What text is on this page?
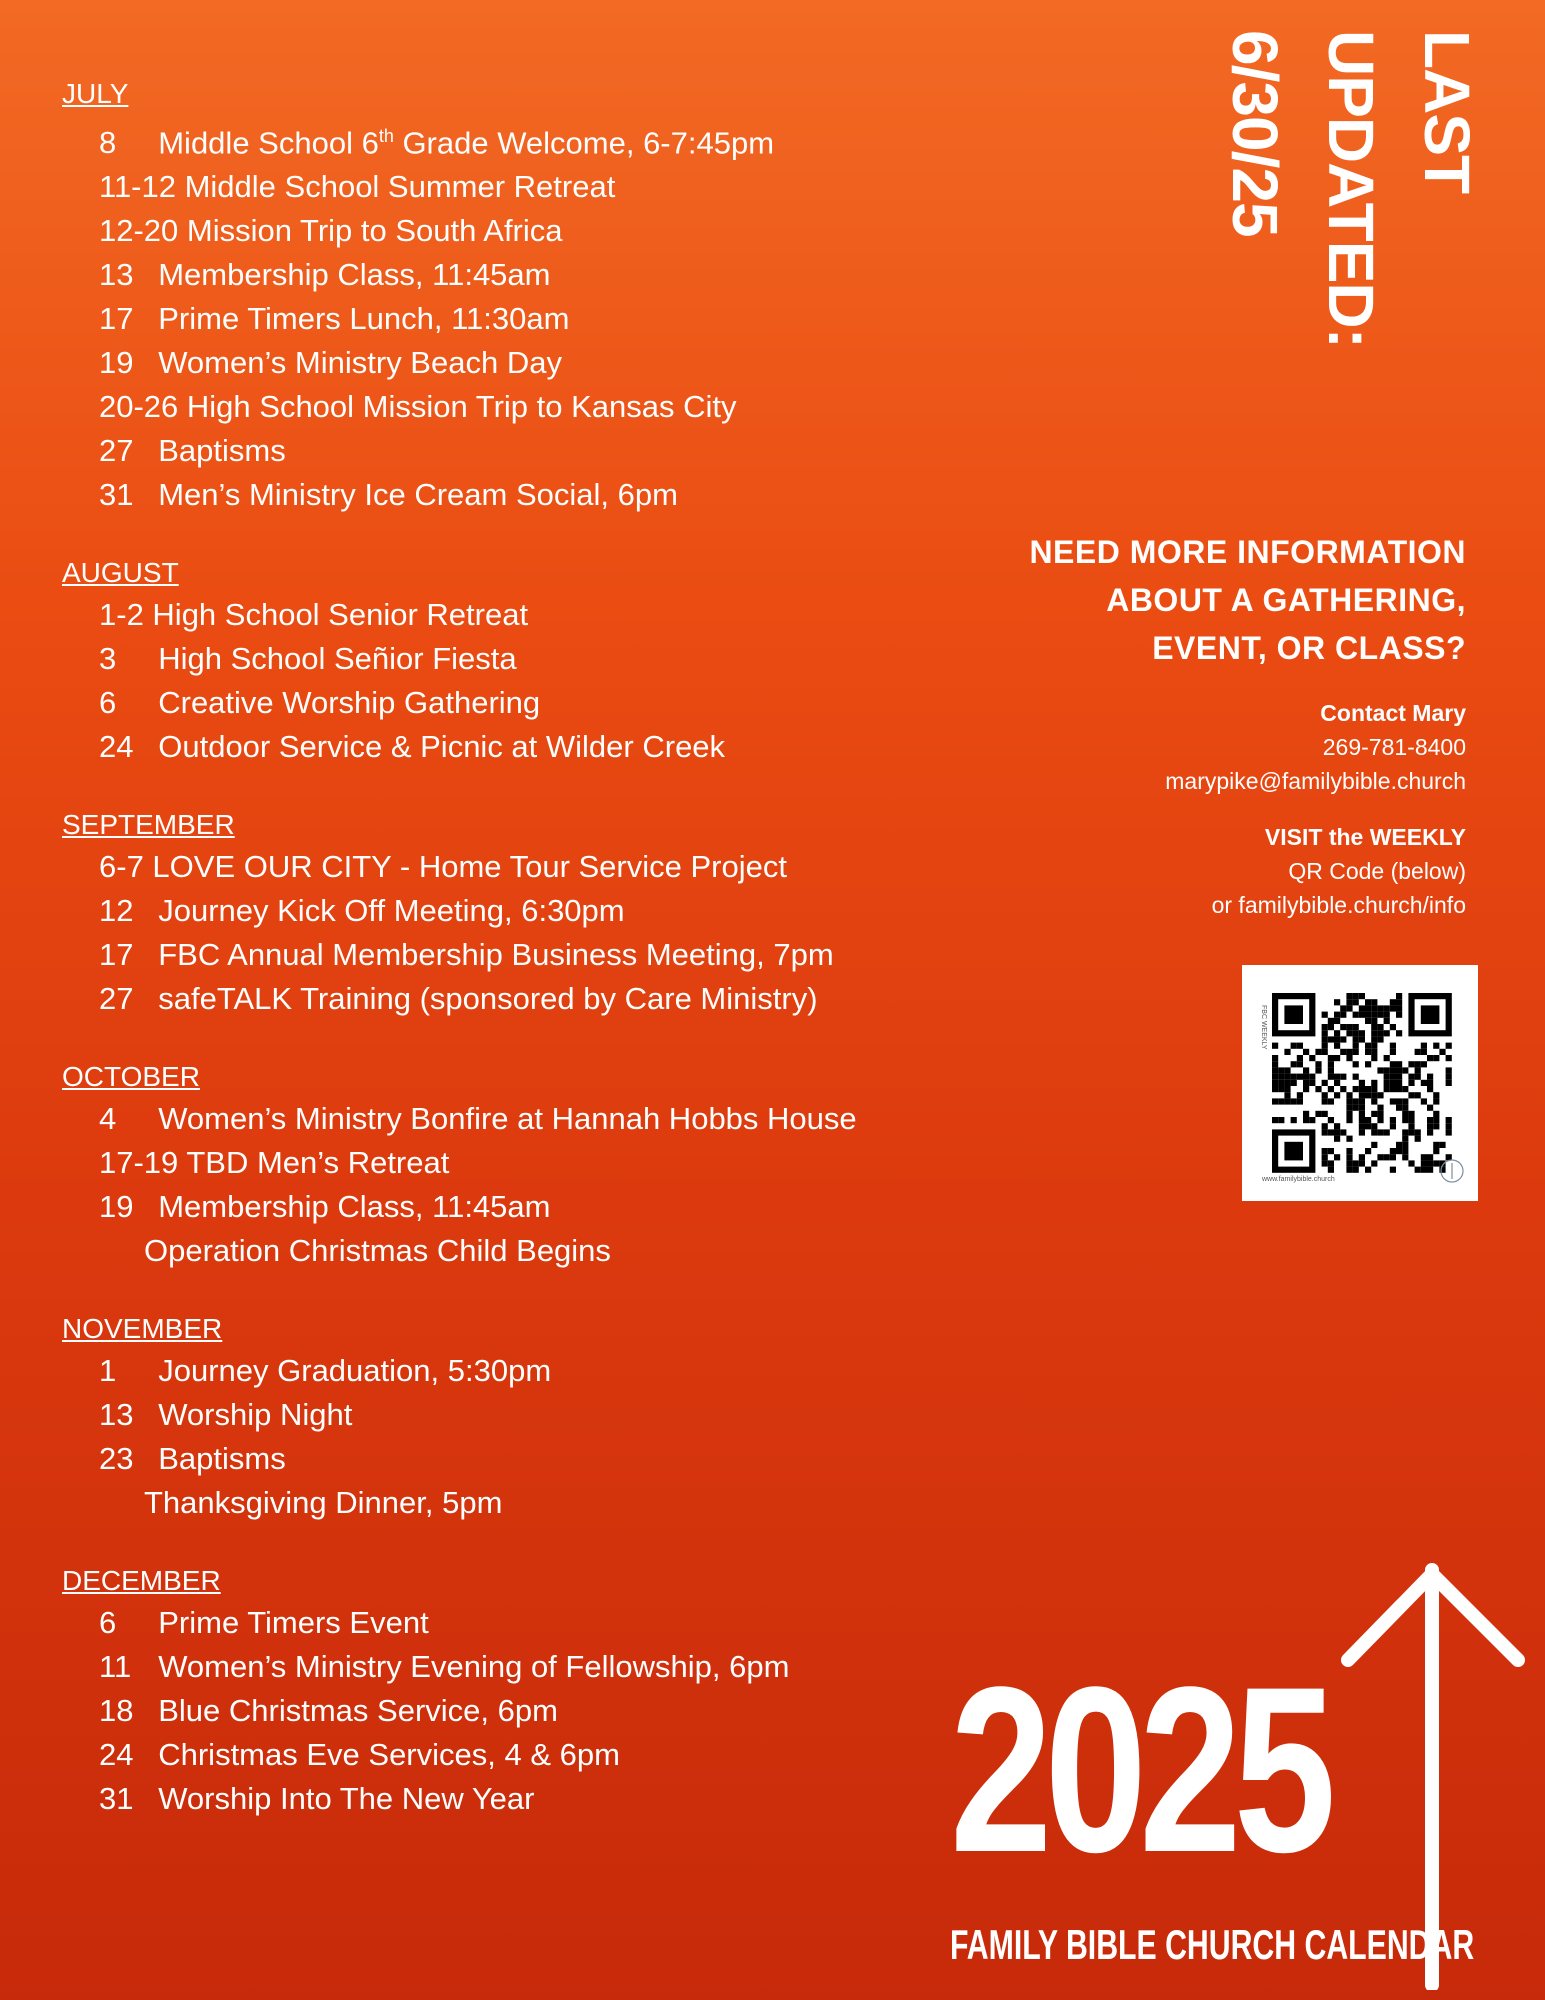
JULY
8 Middle School 6th Grade Welcome, 6-7:45pm
11-12 Middle School Summer Retreat
12-20 Mission Trip to South Africa
13 Membership Class, 11:45am
17 Prime Timers Lunch, 11:30am
19 Women’s Ministry Beach Day
20-26 High School Mission Trip to Kansas City
27 Baptisms
31 Men’s Ministry Ice Cream Social, 6pm
AUGUST
1-2 High School Senior Retreat
3 High School Señior Fiesta
6 Creative Worship Gathering
24 Outdoor Service & Picnic at Wilder Creek
SEPTEMBER
6-7 LOVE OUR CITY - Home Tour Service Project
12 Journey Kick Off Meeting, 6:30pm
17 FBC Annual Membership Business Meeting, 7pm
27 safeTALK Training (sponsored by Care Ministry)
OCTOBER
4 Women’s Ministry Bonfire at Hannah Hobbs House
17-19 TBD Men’s Retreat
19 Membership Class, 11:45am
Operation Christmas Child Begins
NOVEMBER
1 Journey Graduation, 5:30pm
13 Worship Night
23 Baptisms
Thanksgiving Dinner, 5pm
DECEMBER
6 Prime Timers Event
11 Women’s Ministry Evening of Fellowship, 6pm
18 Blue Christmas Service, 6pm
24 Christmas Eve Services, 4 & 6pm
31 Worship Into The New Year
LAST UPDATED:
6/30/25
NEED MORE INFORMATION
ABOUT A GATHERING,
EVENT, OR CLASS?
Contact Mary
269-781-8400
marypike@familybible.church
VISIT the WEEKLY
QR Code (below)
or familybible.church/info
www.familybible.church
FBC WEEKLY
2025
FAMILY BIBLE CHURCH CALENDAR
